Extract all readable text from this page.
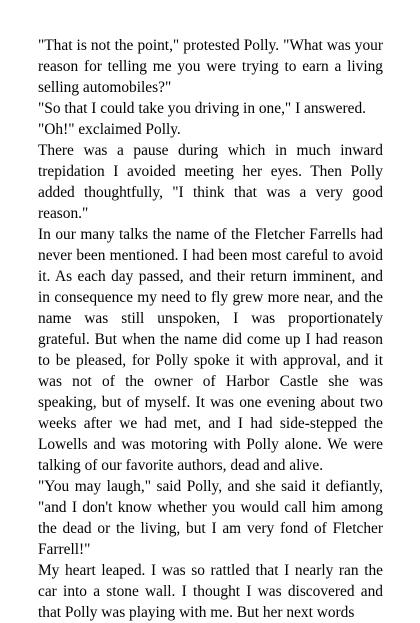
"That is not the point," protested Polly. "What was your reason for telling me you were trying to earn a living selling automobiles?"

"So that I could take you driving in one," I answered.

"Oh!" exclaimed Polly.

There was a pause during which in much inward trepidation I avoided meeting her eyes. Then Polly added thoughtfully, "I think that was a very good reason."

In our many talks the name of the Fletcher Farrells had never been mentioned. I had been most careful to avoid it. As each day passed, and their return imminent, and in consequence my need to fly grew more near, and the name was still unspoken, I was proportionately grateful. But when the name did come up I had reason to be pleased, for Polly spoke it with approval, and it was not of the owner of Harbor Castle she was speaking, but of myself. It was one evening about two weeks after we had met, and I had side-stepped the Lowells and was motoring with Polly alone. We were talking of our favorite authors, dead and alive.

"You may laugh," said Polly, and she said it defiantly, "and I don't know whether you would call him among the dead or the living, but I am very fond of Fletcher Farrell!"

My heart leaped. I was so rattled that I nearly ran the car into a stone wall. I thought I was discovered and that Polly was playing with me. But her next words
